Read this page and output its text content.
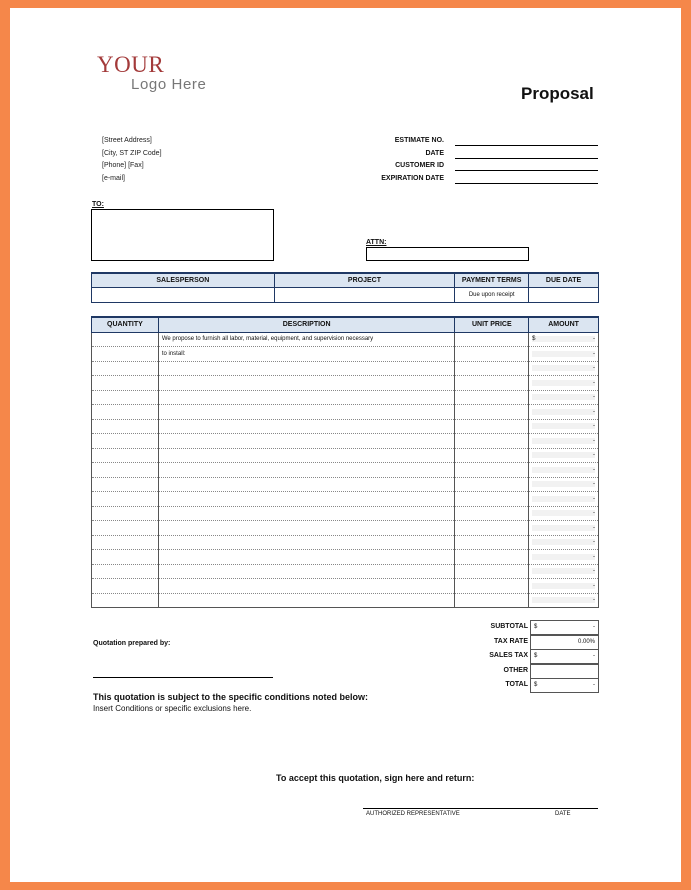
YOUR
Logo Here	Proposal
[Street Address]
[City, ST ZIP Code]
[Phone] [Fax]
[e-mail]
ESTIMATE NO.
DATE
CUSTOMER ID
EXPIRATION DATE
TO:
ATTN:
SALESPERSON	PROJECT	PAYMENT TERMS	DUE DATE
		Due upon receipt	
QUANTITY	DESCRIPTION	UNIT PRICE	AMOUNT
	We propose to furnish all labor, material, equipment, and supervision necessary		$ -

	to install:		-

			-

			-

			-

			-

			-

			-

			-

			-

			-

			-

			-

			-

			-

			-

			-

			-

			-
Quotation prepared by:
This quotation is subject to the specific conditions noted below:
Insert Conditions or specific exclusions here.
To accept this quotation, sign here and return:
AUTHORIZED REPRESENTATIVE	DATE
SUBTOTAL $	-
TAX RATE	0.00%
SALES TAX $	-
OTHER
TOTAL $	-
